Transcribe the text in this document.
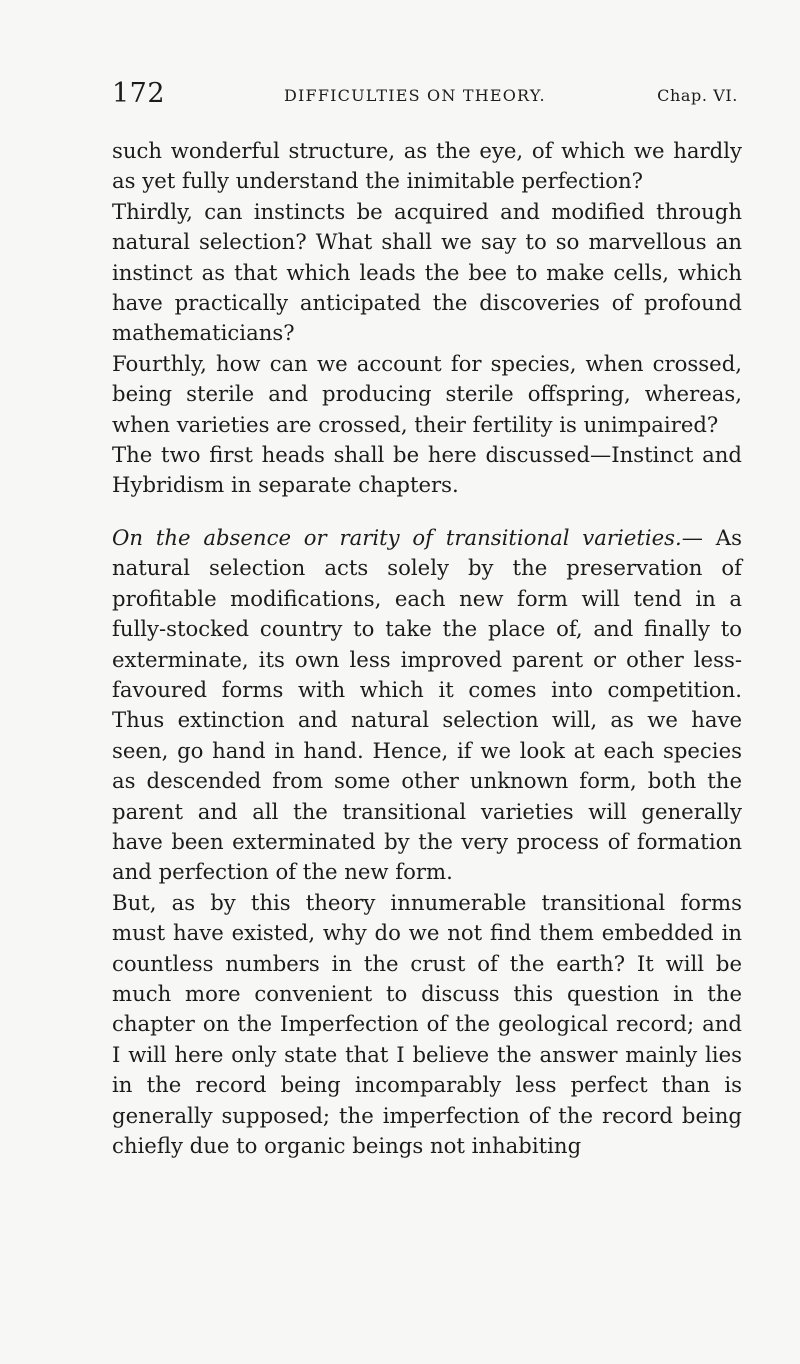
172	DIFFICULTIES ON THEORY.	Chap. VI.

such wonderful structure, as the eye, of which we hardly as yet fully understand the inimitable perfection?

Thirdly, can instincts be acquired and modified through natural selection? What shall we say to so marvellous an instinct as that which leads the bee to make cells, which have practically anticipated the discoveries of profound mathematicians?

Fourthly, how can we account for species, when crossed, being sterile and producing sterile offspring, whereas, when varieties are crossed, their fertility is unimpaired?

The two first heads shall be here discussed—Instinct and Hybridism in separate chapters.

On the absence or rarity of transitional varieties.— As natural selection acts solely by the preservation of profitable modifications, each new form will tend in a fully-stocked country to take the place of, and finally to exterminate, its own less improved parent or other less-favoured forms with which it comes into competition. Thus extinction and natural selection will, as we have seen, go hand in hand. Hence, if we look at each species as descended from some other unknown form, both the parent and all the transitional varieties will generally have been exterminated by the very process of formation and perfection of the new form.

But, as by this theory innumerable transitional forms must have existed, why do we not find them embedded in countless numbers in the crust of the earth? It will be much more convenient to discuss this question in the chapter on the Imperfection of the geological record; and I will here only state that I believe the answer mainly lies in the record being incomparably less perfect than is generally supposed; the imperfection of the record being chiefly due to organic beings not inhabiting
